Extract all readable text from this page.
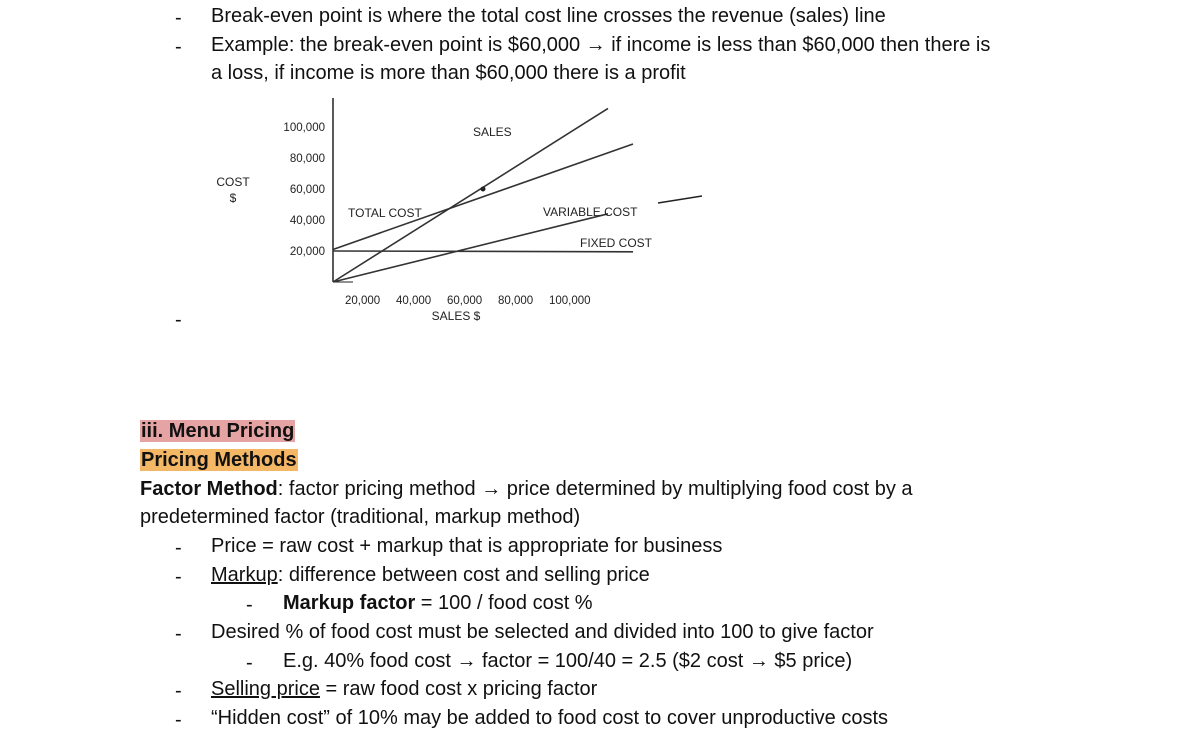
- Break-even point is where the total cost line crosses the revenue (sales) line
- Example: the break-even point is $60,000 → if income is less than $60,000 then there is
a loss, if income is more than $60,000 there is a profit
-
100,000
80,000
60,000
40,000
20,000
COST
$
20,000 40,000 60,000 80,000 100,000
SALES $
SALES
TOTAL COST	VARIABLE COST
FIXED COST
iii. Menu Pricing
Pricing Methods
Factor Method: factor pricing method → price determined by multiplying food cost by a
predetermined factor (traditional, markup method)
- Price = raw cost + markup that is appropriate for business
- Markup: difference between cost and selling price
- Markup factor = 100 / food cost %
- Desired % of food cost must be selected and divided into 100 to give factor
- E.g. 40% food cost → factor = 100/40 = 2.5 ($2 cost → $5 price)
- Selling price = raw food cost x pricing factor
- “Hidden cost” of 10% may be added to food cost to cover unproductive costs
